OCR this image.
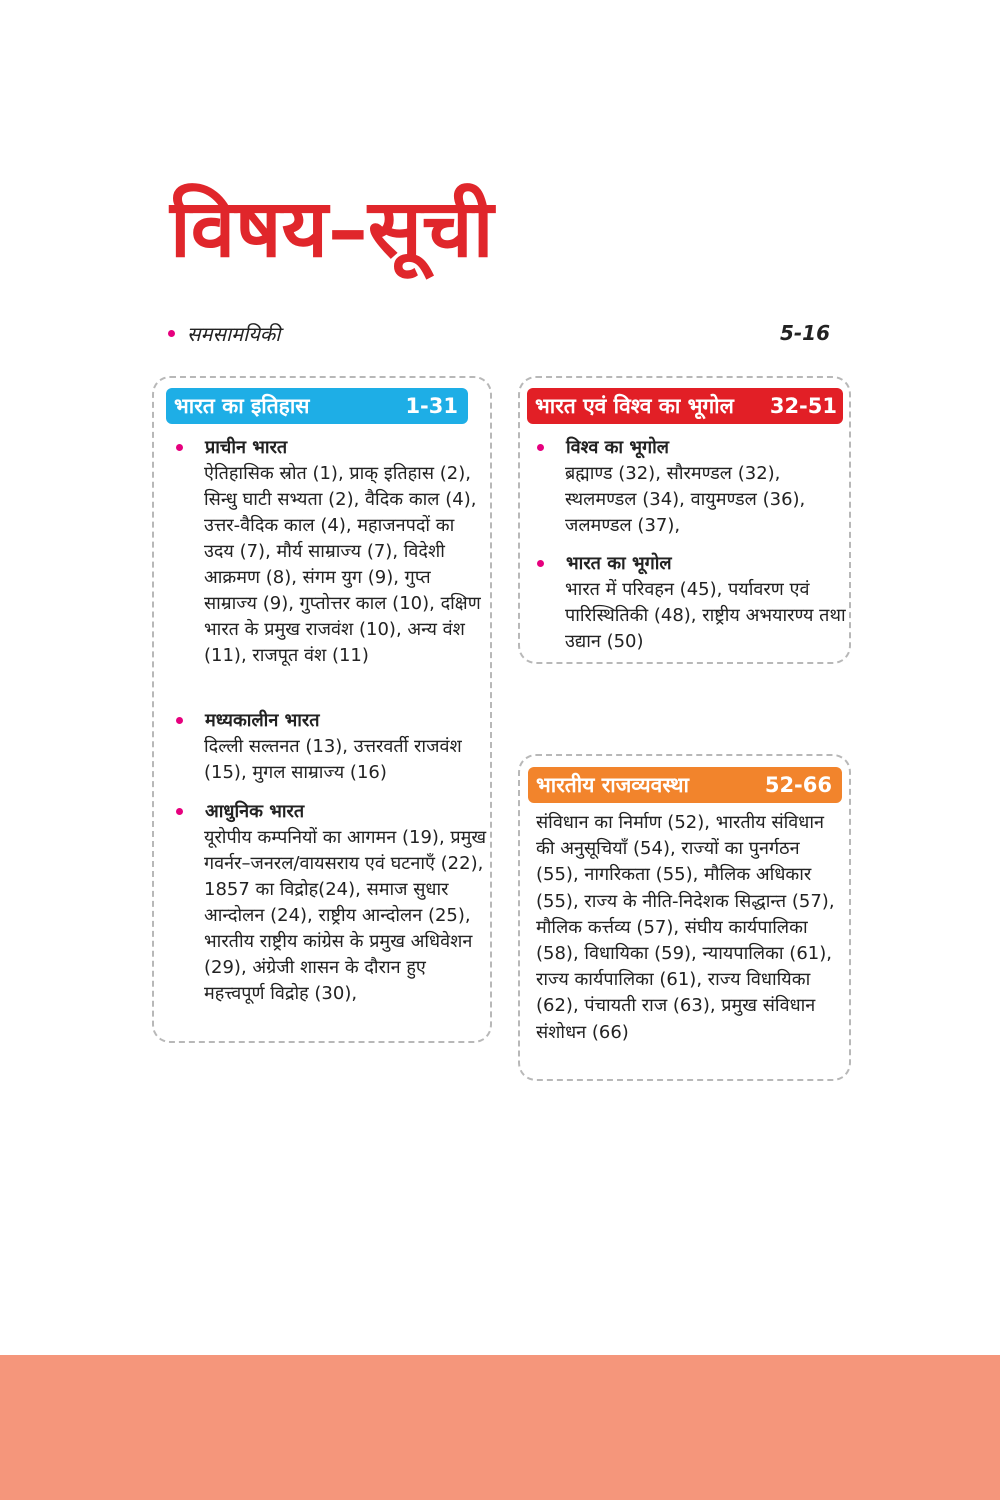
विषय–सूची
समसामयिकी	5-16
भारत का इतिहास	1-31
प्राचीन भारत
ऐतिहासिक स्रोत (1), प्राक् इतिहास (2), सिन्धु घाटी सभ्यता (2), वैदिक काल (4), उत्तर-वैदिक काल (4), महाजनपदों का उदय (7), मौर्य साम्राज्य (7), विदेशी आक्रमण (8), संगम युग (9), गुप्त साम्राज्य (9), गुप्तोत्तर काल (10), दक्षिण भारत के प्रमुख राजवंश (10), अन्य वंश (11), राजपूत वंश (11)
मध्यकालीन भारत
दिल्ली सल्तनत (13), उत्तरवर्ती राजवंश (15), मुगल साम्राज्य (16)
आधुनिक भारत
यूरोपीय कम्पनियों का आगमन (19), प्रमुख गवर्नर–जनरल/वायसराय एवं घटनाएँ (22), 1857 का विद्रोह(24), समाज सुधार आन्दोलन (24), राष्ट्रीय आन्दोलन (25), भारतीय राष्ट्रीय कांग्रेस के प्रमुख अधिवेशन (29), अंग्रेजी शासन के दौरान हुए महत्त्वपूर्ण विद्रोह (30),
भारत एवं विश्व का भूगोल 32-51
विश्व का भूगोल
ब्रह्माण्ड (32), सौरमण्डल (32), स्थलमण्डल (34), वायुमण्डल (36), जलमण्डल (37),
भारत का भूगोल
भारत में परिवहन (45), पर्यावरण एवं पारिस्थितिकी (48), राष्ट्रीय अभयारण्य तथा उद्यान (50)
भारतीय राजव्यवस्था	52-66
संविधान का निर्माण (52), भारतीय संविधान की अनुसूचियाँ (54), राज्यों का पुनर्गठन (55), नागरिकता (55), मौलिक अधिकार (55), राज्य के नीति-निदेशक सिद्धान्त (57), मौलिक कर्त्तव्य (57), संघीय कार्यपालिका (58), विधायिका (59), न्यायपालिका (61), राज्य कार्यपालिका (61), राज्य विधायिका (62), पंचायती राज (63), प्रमुख संविधान संशोधन (66)
